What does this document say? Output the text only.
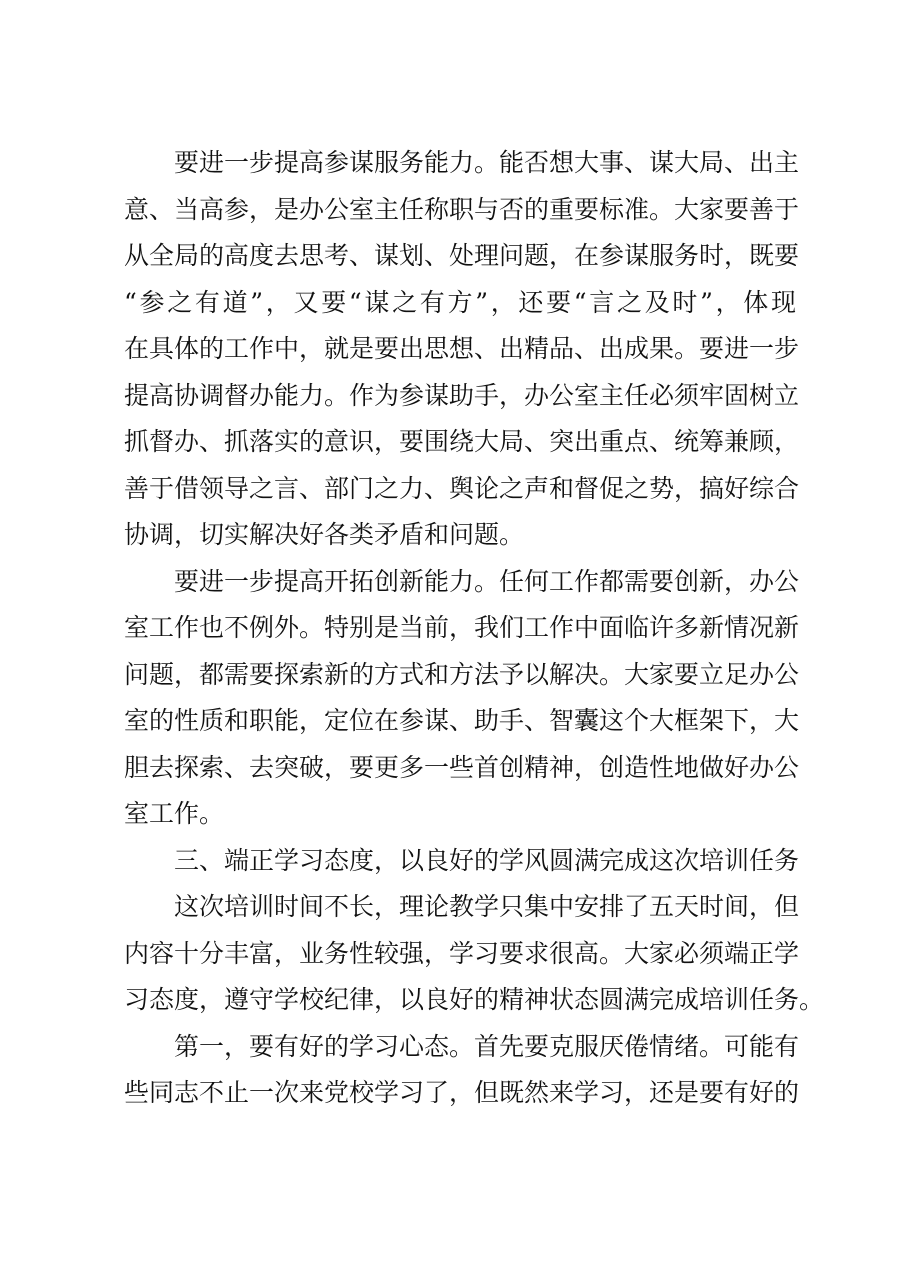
要进一步提高参谋服务能力。能否想大事、谋大局、出主
意、当高参，是办公室主任称职与否的重要标准。大家要善于
从全局的高度去思考、谋划、处理问题，在参谋服务时，既要
“参之有道”，又要“谋之有方”，还要“言之及时”，体现
在具体的工作中，就是要出思想、出精品、出成果。要进一步
提高协调督办能力。作为参谋助手，办公室主任必须牢固树立
抓督办、抓落实的意识，要围绕大局、突出重点、统筹兼顾，
善于借领导之言、部门之力、舆论之声和督促之势，搞好综合
协调，切实解决好各类矛盾和问题。
要进一步提高开拓创新能力。任何工作都需要创新，办公
室工作也不例外。特别是当前，我们工作中面临许多新情况新
问题，都需要探索新的方式和方法予以解决。大家要立足办公
室的性质和职能，定位在参谋、助手、智囊这个大框架下，大
胆去探索、去突破，要更多一些首创精神，创造性地做好办公
室工作。
三、端正学习态度，以良好的学风圆满完成这次培训任务
这次培训时间不长，理论教学只集中安排了五天时间，但
内容十分丰富，业务性较强，学习要求很高。大家必须端正学
习态度，遵守学校纪律，以良好的精神状态圆满完成培训任务。
第一，要有好的学习心态。首先要克服厌倦情绪。可能有
些同志不止一次来党校学习了，但既然来学习，还是要有好的
